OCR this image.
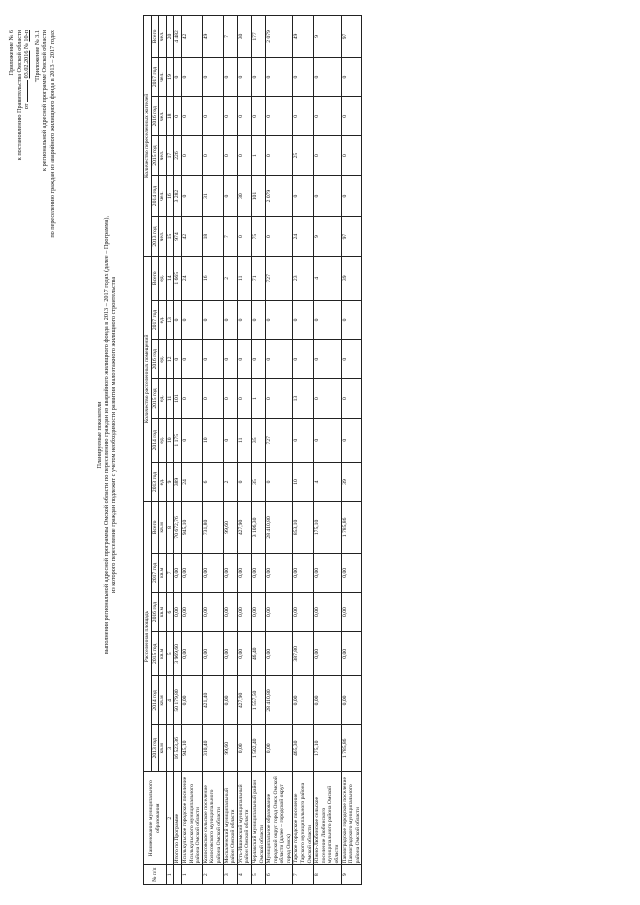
Приложение № 6 к постановлению Правительства Омской области от  03.02.2016 № 10-п "Приложение № 3.1 к региональной адресной программе Омской области по переселению граждан из аварийного жилищного фонда в 2013 – 2017 годах
Планируемые показатели выполнения региональной адресной программы Омской области по переселению граждан из аварийного жилищного фонда в 2013 – 2017 годах (далее – Программа), из которого переселение граждан подлежит с учетом необходимости развития малоэтажного жилищного строительства
№ п/п	Наименование муниципального образования	Расселенная площадь						Количество расселенных помещений						Количество переселенных жителей					
		2013 год	2014 год	2015 год	2016 год	2017 год	Всего	2013 год	2014 год	2015 год	2016 год	2017 год	Всего	2013 год	2014 год	2015 год	2016 год	2017 год	Всего
		кв.м	кв.м	кв.м	кв.м	кв.м	кв.м	ед.	ед.	ед.	ед.	ед.	ед.	чел.	чел.	чел.	чел.	чел.	чел.
1	2	3	4	5	6	7	8	9	10	11	12	13	14	15	16	17	18	19	20
	Итого по Программе	16 523,36	50 179,80	3 969,60	0,00	0,00	70 672,76	389	1 175	101	0	0	1 665	974	3 282	226	0	0	4 482
1	Исилькульское городское поселение Исилькульского муниципального района Омской области	945,10	0,00	0,00	0,00	0,00	945,10	24	0	0	0	0	24	42	0	0	0	0	42
2	Колосовское сельское поселение Колосовского муниципального района Омской области	310,40	421,40	0,00	0,00	0,00	731,80	6	10	0	0	0	16	18	31	0	0	0	49
3	Москаленский муниципальный район Омской области	99,60	0,00	0,00	0,00	0,00	99,60	2	0	0	0	0	2	7	0	0	0	0	7
4	Усть-Ишимский муниципальный район Омской области	0,00	427,90	0,00	0,00	0,00	427,90	0	11	0	0	0	11	0	30	0	0	0	30
5	Черлакский муниципальный район Омской области	1 502,40	1 557,50	46,40	0,00	0,00	3 106,30	35	35	1	0	0	71	75	101	1	0	0	177
6	Муниципальное образование городской округ город Омск Омской области (далее – городской округ город Омск)	0,00	28 410,80	0,00	0,00	0,00	28 410,80	0	727	0	0	0	727	0	2 079	0	0	0	2 079
7	Тарское городское поселение Тарского муниципального района Омской области	465,30	0,00	387,80	0,00	0,00	853,10	10	0	13	0	0	23	24	0	25	0	0	49
8	Южно-Любинское сельское поселение Любинского муниципального района Омской области	175,10	0,00	0,00	0,00	0,00	175,10	4	0	0	0	0	4	9	0	0	0	0	9
9	Павлоградское городское поселение Павлоградского муниципального района Омской области	1 785,86	0,00	0,00	0,00	0,00	1 785,86	39	0	0	0	0	39	97	0	0	0	0	97
